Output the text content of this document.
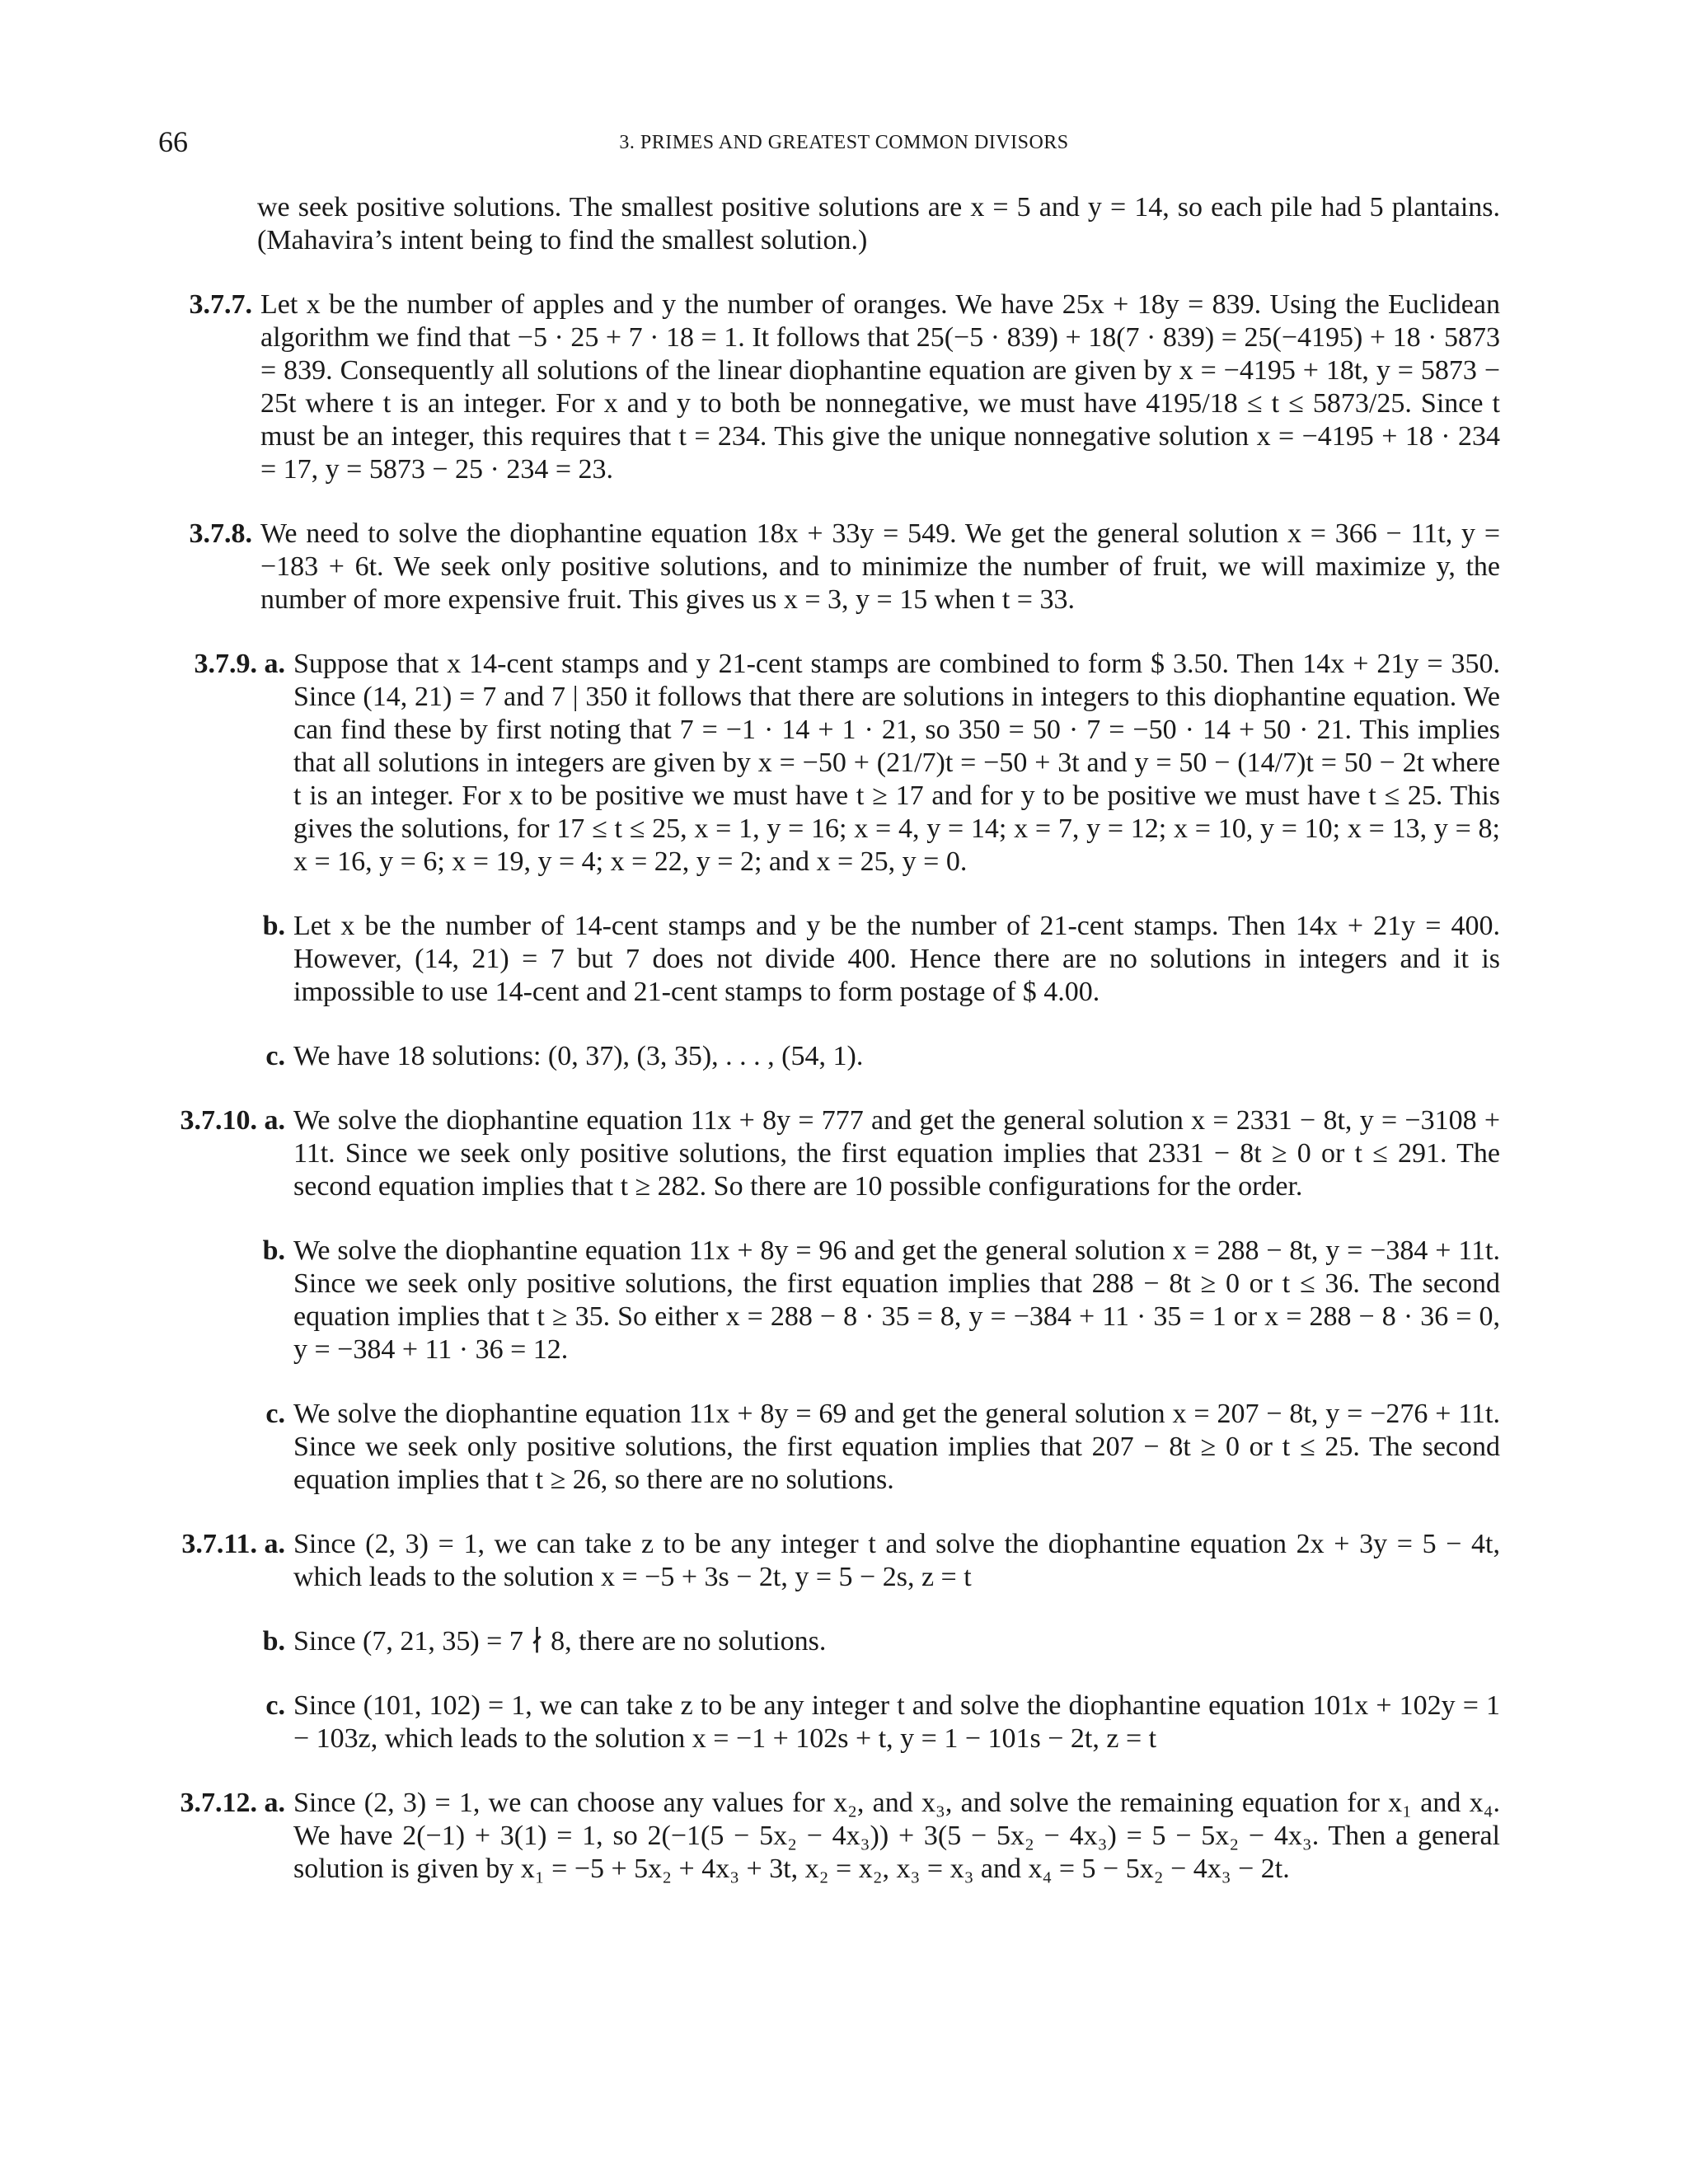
66	3. PRIMES AND GREATEST COMMON DIVISORS
we seek positive solutions. The smallest positive solutions are x = 5 and y = 14, so each pile had 5 plantains. (Mahavira’s intent being to find the smallest solution.)
3.7.7. Let x be the number of apples and y the number of oranges. We have 25x + 18y = 839. Using the Euclidean algorithm we find that −5 · 25 + 7 · 18 = 1. It follows that 25(−5 · 839) + 18(7 · 839) = 25(−4195) + 18 · 5873 = 839. Consequently all solutions of the linear diophantine equation are given by x = −4195 + 18t, y = 5873 − 25t where t is an integer. For x and y to both be nonnegative, we must have 4195/18 ≤ t ≤ 5873/25. Since t must be an integer, this requires that t = 234. This give the unique nonnegative solution x = −4195 + 18 · 234 = 17, y = 5873 − 25 · 234 = 23.
3.7.8. We need to solve the diophantine equation 18x + 33y = 549. We get the general solution x = 366 − 11t, y = −183 + 6t. We seek only positive solutions, and to minimize the number of fruit, we will maximize y, the number of more expensive fruit. This gives us x = 3, y = 15 when t = 33.
3.7.9. a. Suppose that x 14-cent stamps and y 21-cent stamps are combined to form $ 3.50. Then 14x + 21y = 350. Since (14, 21) = 7 and 7 | 350 it follows that there are solutions in integers to this diophantine equation. We can find these by first noting that 7 = −1 · 14 + 1 · 21, so 350 = 50 · 7 = −50 · 14 + 50 · 21. This implies that all solutions in integers are given by x = −50 + (21/7)t = −50 + 3t and y = 50 − (14/7)t = 50 − 2t where t is an integer. For x to be positive we must have t ≥ 17 and for y to be positive we must have t ≤ 25. This gives the solutions, for 17 ≤ t ≤ 25, x = 1, y = 16; x = 4, y = 14; x = 7, y = 12; x = 10, y = 10; x = 13, y = 8; x = 16, y = 6; x = 19, y = 4; x = 22, y = 2; and x = 25, y = 0.
b. Let x be the number of 14-cent stamps and y be the number of 21-cent stamps. Then 14x + 21y = 400. However, (14, 21) = 7 but 7 does not divide 400. Hence there are no solutions in integers and it is impossible to use 14-cent and 21-cent stamps to form postage of $ 4.00.
c. We have 18 solutions: (0, 37), (3, 35), . . . , (54, 1).
3.7.10. a. We solve the diophantine equation 11x + 8y = 777 and get the general solution x = 2331 − 8t, y = −3108 + 11t. Since we seek only positive solutions, the first equation implies that 2331 − 8t ≥ 0 or t ≤ 291. The second equation implies that t ≥ 282. So there are 10 possible configurations for the order.
b. We solve the diophantine equation 11x + 8y = 96 and get the general solution x = 288 − 8t, y = −384 + 11t. Since we seek only positive solutions, the first equation implies that 288 − 8t ≥ 0 or t ≤ 36. The second equation implies that t ≥ 35. So either x = 288 − 8 · 35 = 8, y = −384 + 11 · 35 = 1 or x = 288 − 8 · 36 = 0, y = −384 + 11 · 36 = 12.
c. We solve the diophantine equation 11x + 8y = 69 and get the general solution x = 207 − 8t, y = −276 + 11t. Since we seek only positive solutions, the first equation implies that 207 − 8t ≥ 0 or t ≤ 25. The second equation implies that t ≥ 26, so there are no solutions.
3.7.11. a. Since (2, 3) = 1, we can take z to be any integer t and solve the diophantine equation 2x + 3y = 5 − 4t, which leads to the solution x = −5 + 3s − 2t, y = 5 − 2s, z = t
b. Since (7, 21, 35) = 7 ∤ 8, there are no solutions.
c. Since (101, 102) = 1, we can take z to be any integer t and solve the diophantine equation 101x + 102y = 1 − 103z, which leads to the solution x = −1 + 102s + t, y = 1 − 101s − 2t, z = t
3.7.12. a. Since (2, 3) = 1, we can choose any values for x₂, and x₃, and solve the remaining equation for x₁ and x₄. We have 2(−1) + 3(1) = 1, so 2(−1(5 − 5x₂ − 4x₃)) + 3(5 − 5x₂ − 4x₃) = 5 − 5x₂ − 4x₃. Then a general solution is given by x₁ = −5 + 5x₂ + 4x₃ + 3t, x₂ = x₂, x₃ = x₃ and x₄ = 5 − 5x₂ − 4x₃ − 2t.
